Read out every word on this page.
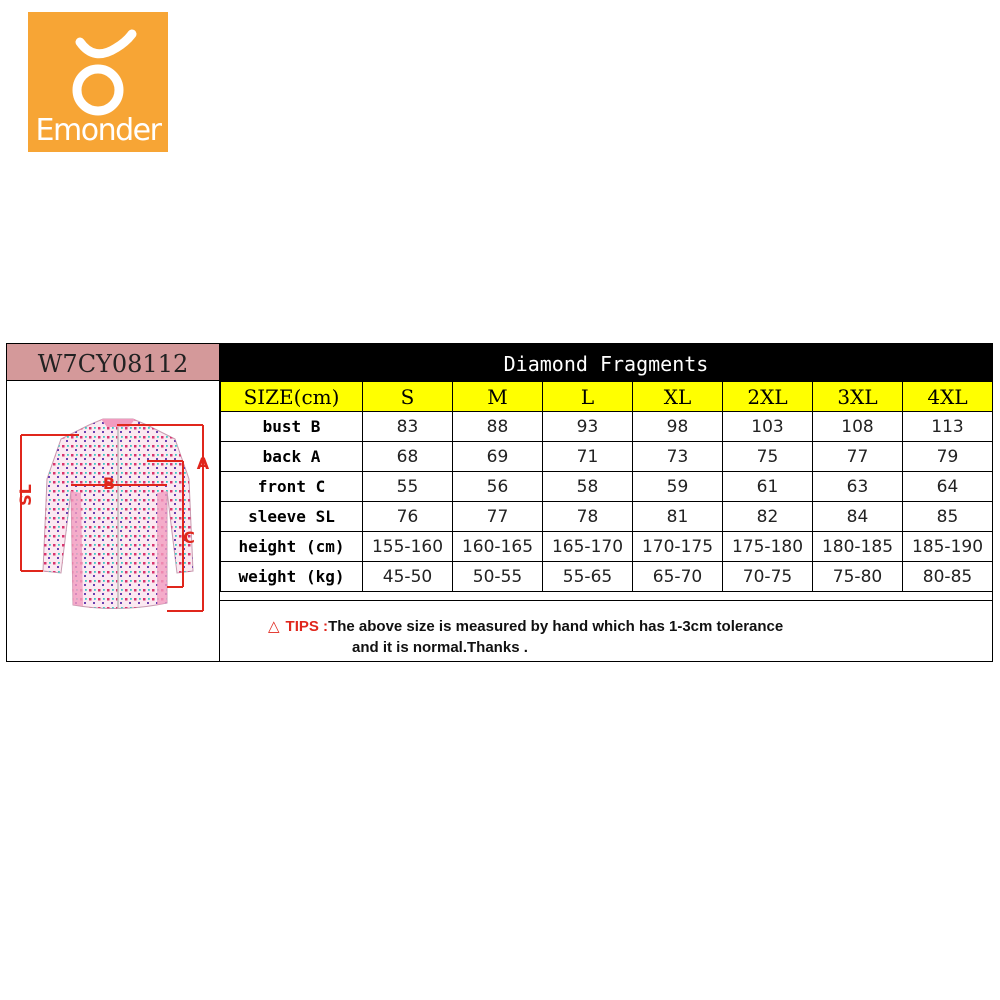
Emonder
W7CY08112	Diamond Fragments
SL
A
B
C
SIZE(cm)	S	M	L	XL	2XL	3XL	4XL
bust B	83	88	93	98	103	108	113
back A	68	69	71	73	75	77	79
front C	55	56	58	59	61	63	64
sleeve SL	76	77	78	81	82	84	85
height (cm)	155-160	160-165	165-170	170-175	175-180	180-185	185-190
weight (kg)	45-50	50-55	55-65	65-70	70-75	75-80	80-85
△ TIPS :The above size is measured by hand which has 1-3cm tolerance
and it is normal.Thanks .
